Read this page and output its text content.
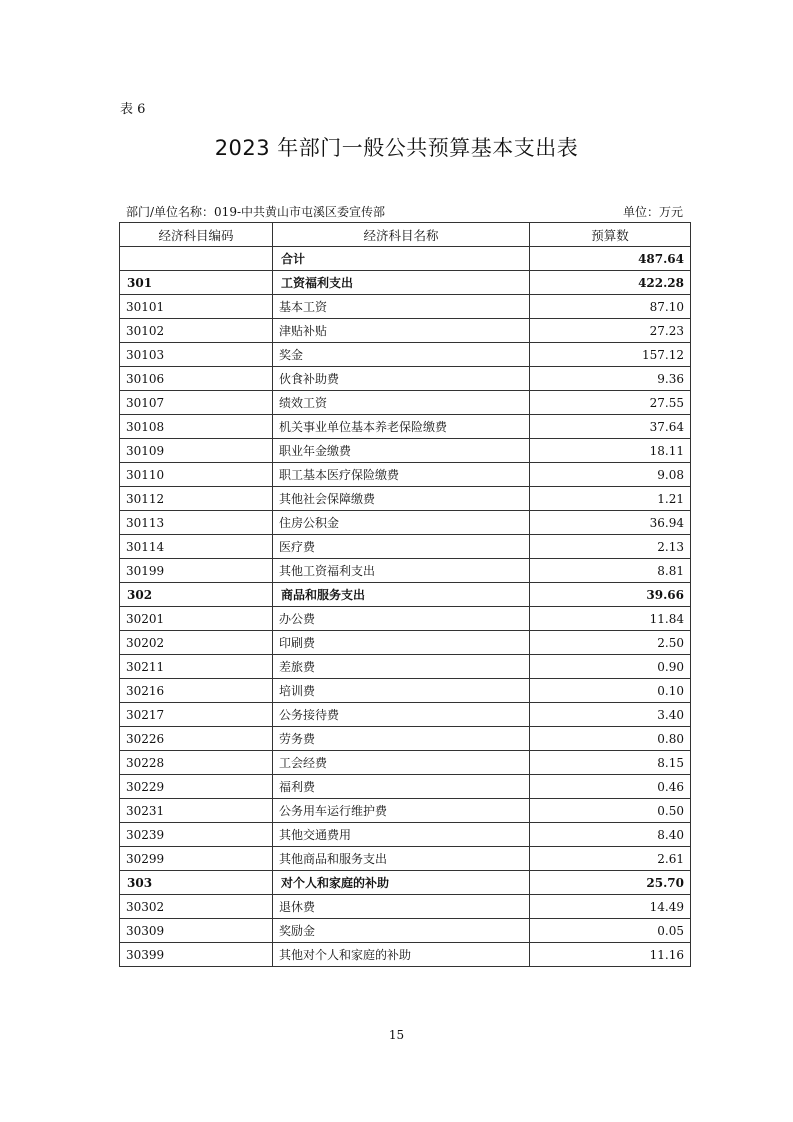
表 6
2023 年部门一般公共预算基本支出表
部门/单位名称：019-中共黄山市屯溪区委宣传部	单位：万元
经济科目编码	经济科目名称	预算数
	合计	487.64
301	工资福利支出	422.28
30101	基本工资	87.10
30102	津贴补贴	27.23
30103	奖金	157.12
30106	伙食补助费	9.36
30107	绩效工资	27.55
30108	机关事业单位基本养老保险缴费	37.64
30109	职业年金缴费	18.11
30110	职工基本医疗保险缴费	9.08
30112	其他社会保障缴费	1.21
30113	住房公积金	36.94
30114	医疗费	2.13
30199	其他工资福利支出	8.81
302	商品和服务支出	39.66
30201	办公费	11.84
30202	印刷费	2.50
30211	差旅费	0.90
30216	培训费	0.10
30217	公务接待费	3.40
30226	劳务费	0.80
30228	工会经费	8.15
30229	福利费	0.46
30231	公务用车运行维护费	0.50
30239	其他交通费用	8.40
30299	其他商品和服务支出	2.61
303	对个人和家庭的补助	25.70
30302	退休费	14.49
30309	奖励金	0.05
30399	其他对个人和家庭的补助	11.16
15
